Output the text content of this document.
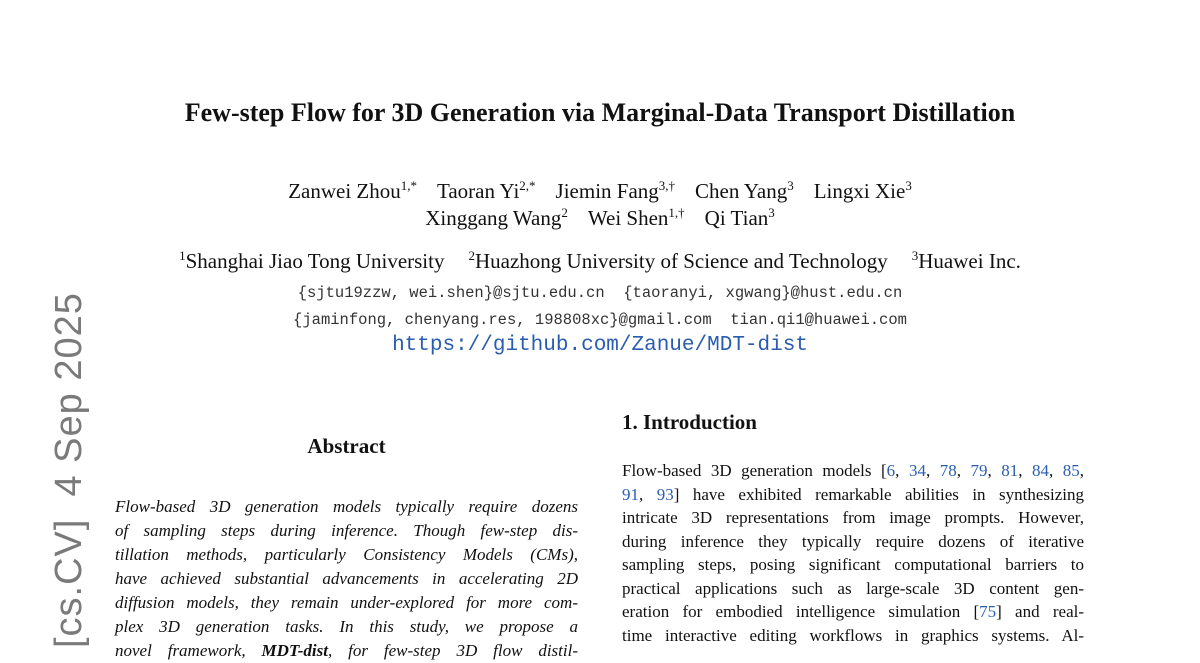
[cs.CV]4 Sep 2025
Few-step Flow for 3D Generation via Marginal-Data Transport Distillation
Zanwei Zhou$^{1,*}$ Taoran $Yi^{2,*}$ Jiemin Fang$^{3,\dagger}$ Chen Yang$^3$ Lingxi Xie$^3$
Xinggang Wang$^2$ Wei Shen$^{1,\dagger}$ Qi Tian$^3$
$^1$Shanghai Jiao Tong University $^2$Huazhong University of Science and Technology $^3$Huawei Inc.
{sjtu19zzw, wei.shen}@sjtu.edu.cn  {taoranyi, xgwang}@hust.edu.cn
{jaminfong, chenyang.res, 198808xc}@gmail.com  tian.qi1@huawei.com
https://github.com/Zanue/MDT-dist
Abstract
Flow-based 3D generation models typically require dozens
of sampling steps during inference. Though few-step dis-
tillation methods, particularly Consistency Models (CMs),
have achieved substantial advancements in accelerating 2D
diffusion models, they remain under-explored for more com-
plex 3D generation tasks. In this study, we propose a
novel framework, MDT-dist, for few-step 3D flow distil-
1. Introduction
Flow-based 3D generation models [6, 34, 78, 79, 81, 84, 85,
91, 93] have exhibited remarkable abilities in synthesizing
intricate 3D representations from image prompts. However,
during inference they typically require dozens of iterative
sampling steps, posing significant computational barriers to
practical applications such as large-scale 3D content gen-
eration for embodied intelligence simulation [75] and real-
time interactive editing workflows in graphics systems. Al-
